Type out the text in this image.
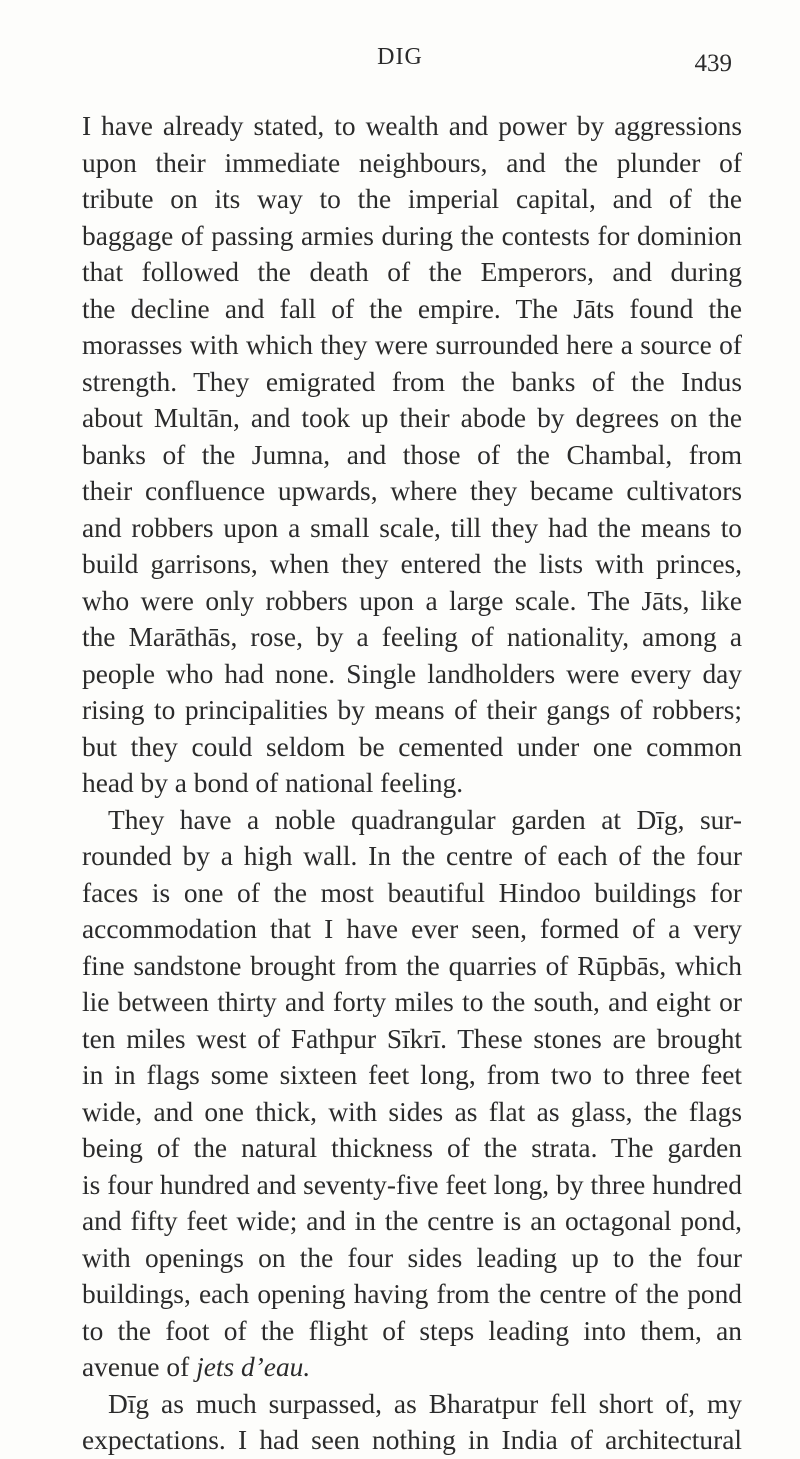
DIG	439
I have already stated, to wealth and power by aggressions
upon their immediate neighbours, and the plunder of
tribute on its way to the imperial capital, and of the
baggage of passing armies during the contests for dominion
that followed the death of the Emperors, and during
the decline and fall of the empire. The Jāts found the
morasses with which they were surrounded here a source of
strength. They emigrated from the banks of the Indus
about Multān, and took up their abode by degrees on the
banks of the Jumna, and those of the Chambal, from
their confluence upwards, where they became cultivators
and robbers upon a small scale, till they had the means to
build garrisons, when they entered the lists with princes,
who were only robbers upon a large scale. The Jāts, like
the Marāthās, rose, by a feeling of nationality, among a
people who had none. Single landholders were every day
rising to principalities by means of their gangs of robbers;
but they could seldom be cemented under one common
head by a bond of national feeling.
They have a noble quadrangular garden at Dīg, sur-
rounded by a high wall. In the centre of each of the four
faces is one of the most beautiful Hindoo buildings for
accommodation that I have ever seen, formed of a very
fine sandstone brought from the quarries of Rūpbās, which
lie between thirty and forty miles to the south, and eight or
ten miles west of Fathpur Sīkrī. These stones are brought
in in flags some sixteen feet long, from two to three feet
wide, and one thick, with sides as flat as glass, the flags
being of the natural thickness of the strata. The garden
is four hundred and seventy-five feet long, by three hundred
and fifty feet wide; and in the centre is an octagonal pond,
with openings on the four sides leading up to the four
buildings, each opening having from the centre of the pond
to the foot of the flight of steps leading into them, an
avenue of jets d’eau.
Dīg as much surpassed, as Bharatpur fell short of, my
expectations. I had seen nothing in India of architectural
